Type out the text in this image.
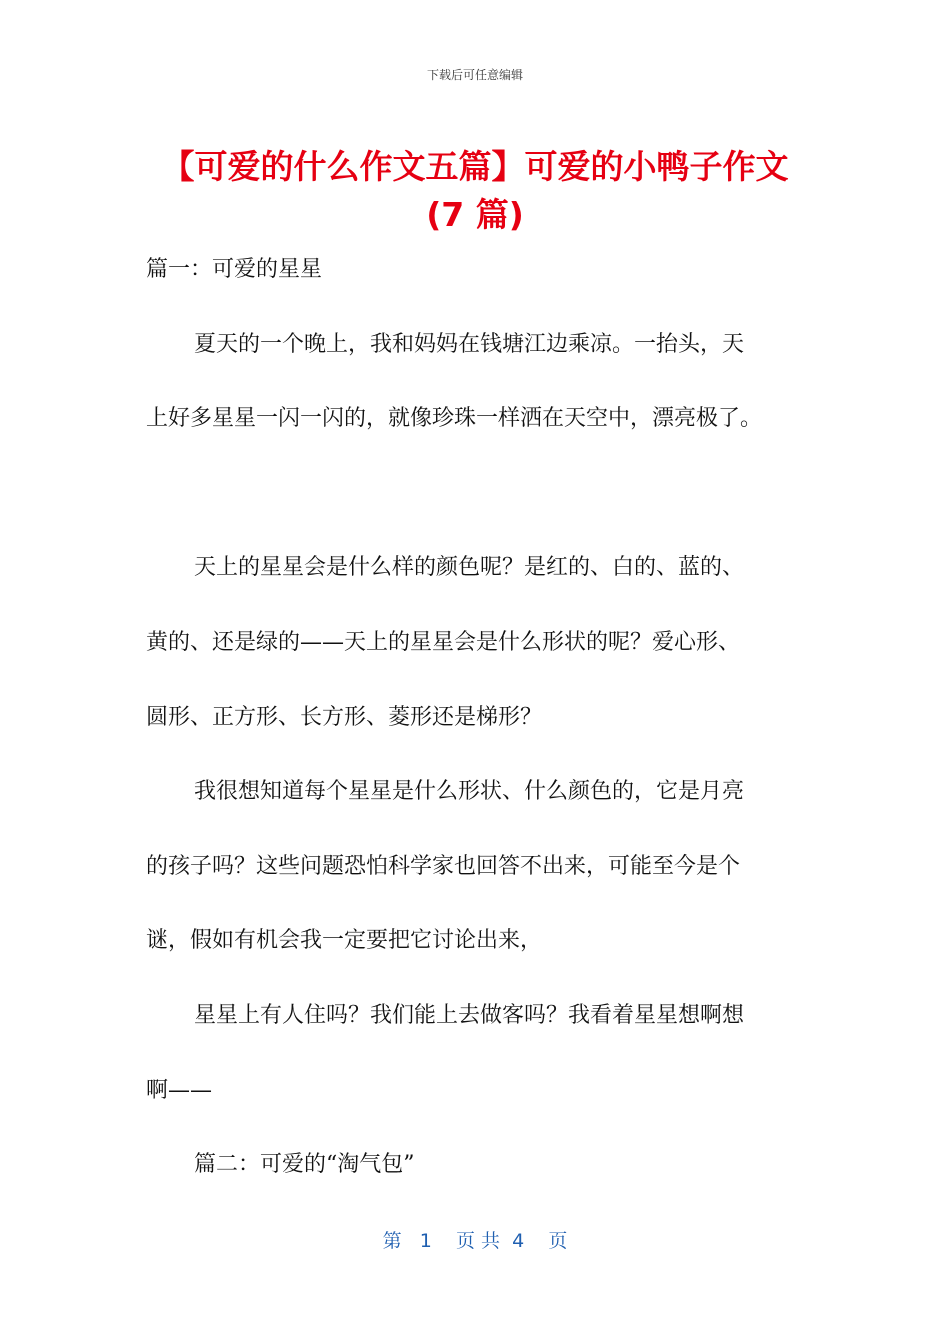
下载后可任意编辑
【可爱的什么作文五篇】可爱的小鸭子作文
(7 篇)
篇一：可爱的星星
夏天的一个晚上，我和妈妈在钱塘江边乘凉。一抬头，天
上好多星星一闪一闪的，就像珍珠一样洒在天空中，漂亮极了。
天上的星星会是什么样的颜色呢？是红的、白的、蓝的、
黄的、还是绿的——天上的星星会是什么形状的呢？爱心形、
圆形、正方形、长方形、菱形还是梯形？
我很想知道每个星星是什么形状、什么颜色的，它是月亮
的孩子吗？这些问题恐怕科学家也回答不出来，可能至今是个
谜，假如有机会我一定要把它讨论出来，
星星上有人住吗？我们能上去做客吗？我看着星星想啊想
啊——
篇二：可爱的“淘气包”
第   1    页 共  4    页
